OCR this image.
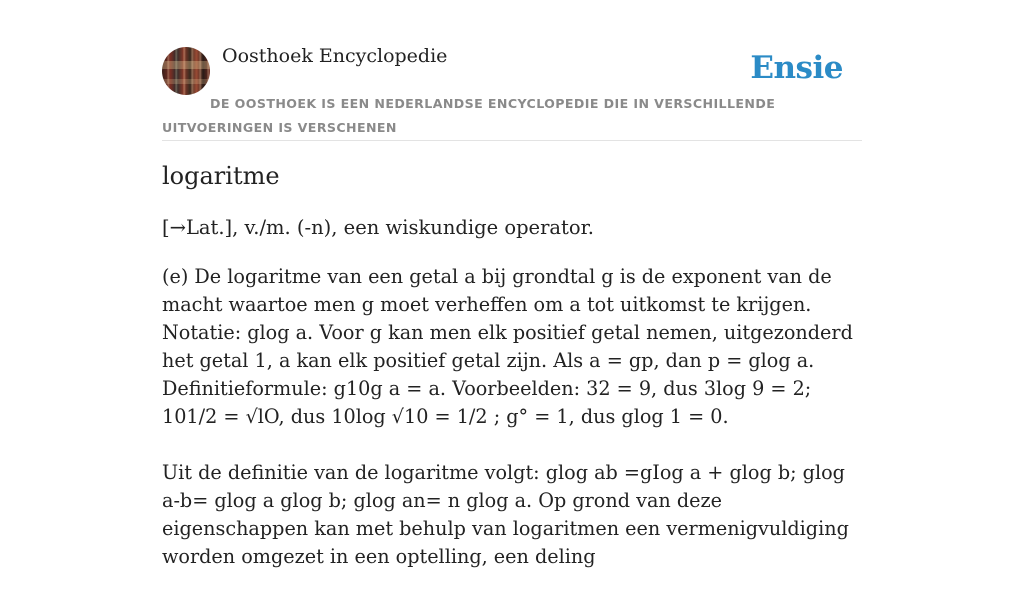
Oosthoek Encyclopedie	Ensie
DE OOSTHOEK IS EEN NEDERLANDSE ENCYCLOPEDIE DIE IN VERSCHILLENDE UITVOERINGEN IS VERSCHENEN
logaritme
[→Lat.], v./m. (-n), een wiskundige operator.

(e) De logaritme van een getal a bij grondtal g is de exponent van de macht waartoe men g moet verheffen om a tot uitkomst te krijgen. Notatie: glog a. Voor g kan men elk positief getal nemen, uitgezonderd het getal 1, a kan elk positief getal zijn. Als a = gp, dan p = glog a. Definitieformule: g10g a = a. Voorbeelden: 32 = 9, dus 3log 9 = 2; 101/2 = √lO, dus 10log √10 = 1/2 ; g° = 1, dus glog 1 = 0.

Uit de definitie van de logaritme volgt: glog ab =gIog a + glog b; glog a-b= glog a glog b; glog an= n glog a. Op grond van deze eigenschappen kan met behulp van logaritmen een vermenigvuldiging worden omgezet in een optelling, een deling
